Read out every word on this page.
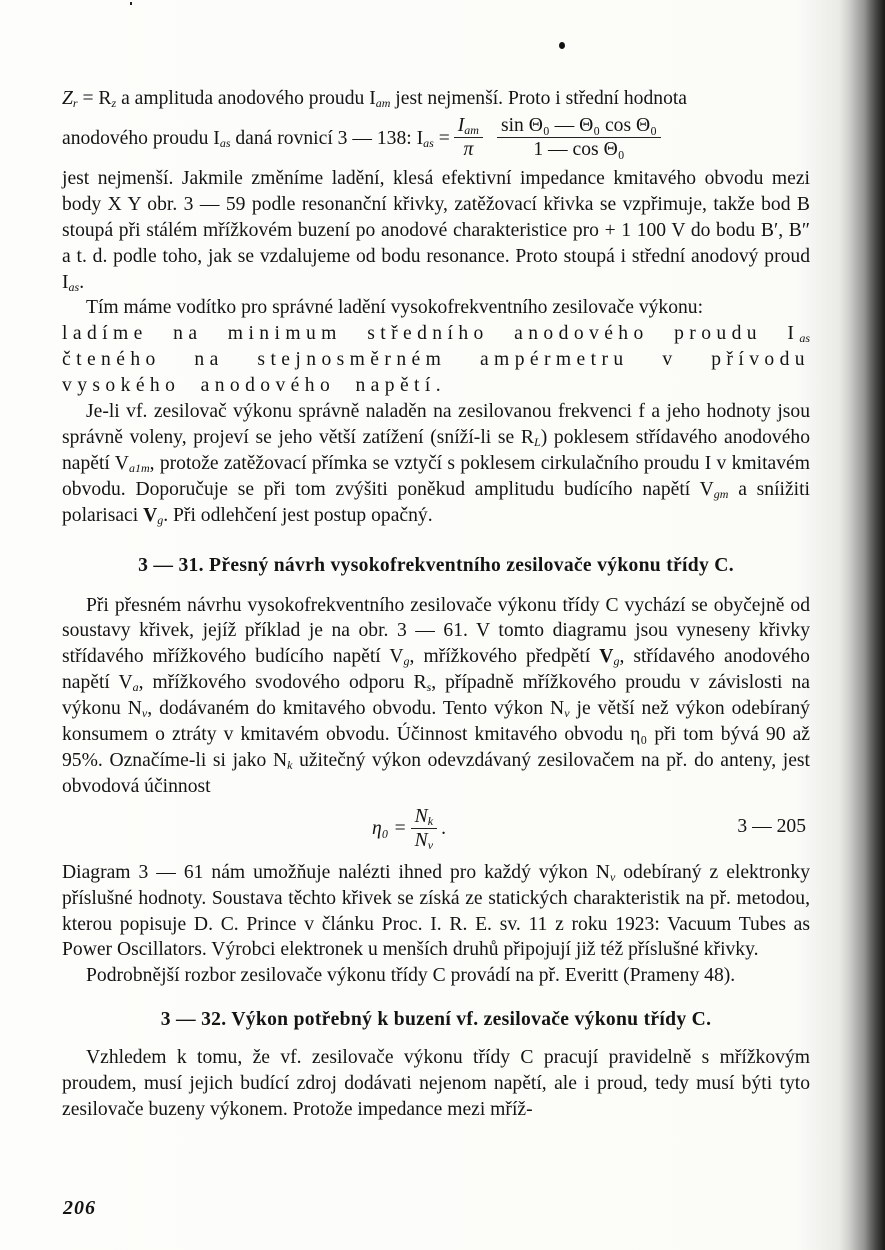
$Z_r = R_z$ a amplituda anodového proudu $I_{am}$ jest nejmenší. Proto i střední hodnota

anodového proudu $I_{as}$ daná rovnicí 3 — 138: $I_{as} = \frac{I_{am}}{\pi} \frac{\text{sin Θ₀ — Θ₀ cos Θ₀}}{\text{1 — cos Θ₀}}$

jest nejmenší. Jakmile změníme ladění, klesá efektivní impedance kmitavého obvodu mezi body X Y obr. 3 — 59 podle resonanční křivky, zatěžovací křivka se vzpřimuje, takže bod B stoupá při stálém mřížkovém buzení po anodové charakteristice pro + 1 100 V do bodu B′, B″ a t. d. podle toho, jak se vzdalujeme od bodu resonance. Proto stoupá i střední anodový proud $I_{as}$.

Tím máme vodítko pro správné ladění vysokofrekventního zesilovače výkonu:

ladíme na minimum středního anodového proudu $I_{as}$

čteného na stejnosměrném ampérmetru v přívodu

vysokého anodového napětí.

Je-li vf. zesilovač výkonu správně naladěn na zesilovanou frekvenci f a jeho hodnoty jsou správně voleny, projeví se jeho větší zatížení (sníží-li se $R_L$) poklesem střídavého anodového napětí $V_{a1m}$, protože zatěžovací přímka se vztyčí s poklesem cirkulačního proudu I v kmitavém obvodu. Doporučuje se při tom zvýšiti poněkud amplitudu budícího napětí $V_{gm}$ a sníižiti polarisaci $V_g$. Při odlehčení jest postup opačný.

3 — 31. Přesný návrh vysokofrekventního zesilovače výkonu třídy C.

Při přesném návrhu vysokofrekventního zesilovače výkonu třídy C vychází se obyčejně od soustavy křivek, jejíž příklad je na obr. 3 — 61. V tomto diagramu jsou vyneseny křivky střídavého mřížkového budícího napětí $V_g$, mřížkového předpětí $V_g$, střídavého anodového napětí $V_a$, mřížkového svodového odporu $R_s$, případně mřížkového proudu v závislosti na výkonu $N_v$, dodávaném do kmitavého obvodu. Tento výkon $N_v$ je větší než výkon odebíraný konsumem o ztráty v kmitavém obvodu. Účinnost kmitavého obvodu η₀ při tom bývá 90 až 95%. Označíme-li si jako $N_k$ užitečný výkon odevzdávaný zesilovačem na př. do anteny, jest obvodová účinnost

$\eta_0 = \frac{N_k}{N_v}$ .	3 — 205

Diagram 3 — 61 nám umožňuje nalézti ihned pro každý výkon $N_v$ odebíraný z elektronky příslušné hodnoty. Soustava těchto křivek se získá ze statických charakteristik na př. metodou, kterou popisuje D. C. Prince v článku Proc. I. R. E. sv. 11 z roku 1923: Vacuum Tubes as Power Oscillators. Výrobci elektronek u menších druhů připojují již též příslušné křivky.

Podrobnější rozbor zesilovače výkonu třídy C provádí na př. Everitt (Prameny 48).

3 — 32. Výkon potřebný k buzení vf. zesilovače výkonu třídy C.

Vzhledem k tomu, že vf. zesilovače výkonu třídy C pracují pravidelně s mřížkovým proudem, musí jejich budící zdroj dodávati nejenom napětí, ale i proud, tedy musí býti tyto zesilovače buzeny výkonem. Protože impedance mezi mříž-

206
